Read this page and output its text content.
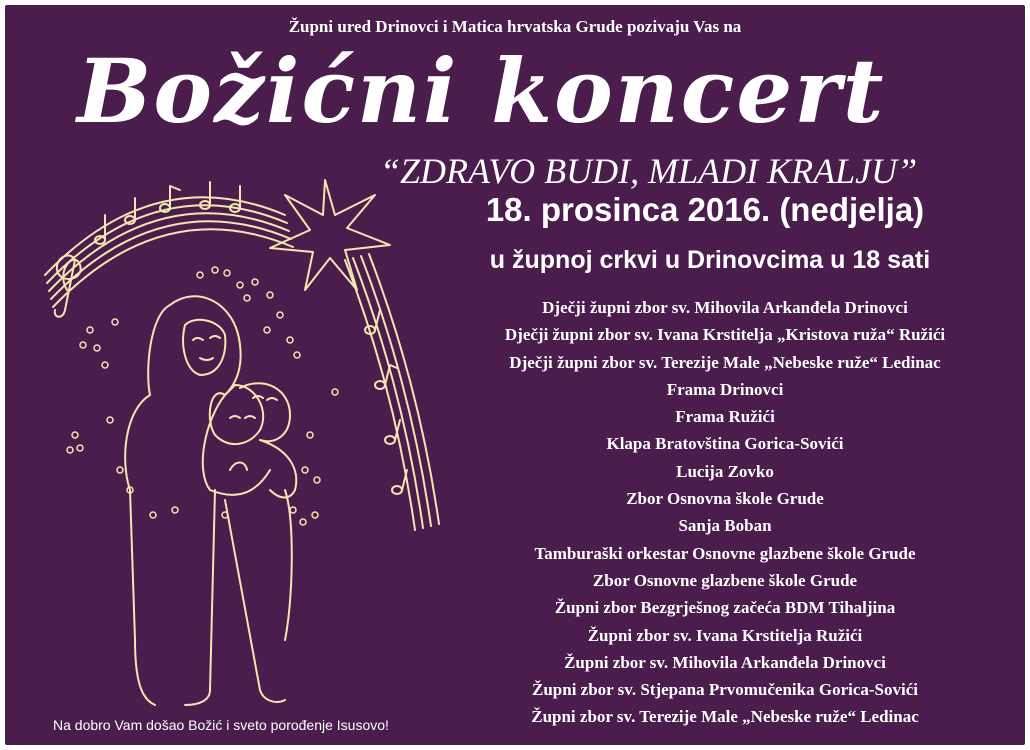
Župni ured Drinovci i Matica hrvatska Grude pozivaju Vas na
Božićni koncert
“ZDRAVO BUDI, MLADI KRALJU”
18. prosinca 2016. (nedjelja)
u župnoj crkvi u Drinovcima u 18 sati
Dječji župni zbor sv. Mihovila Arkanđela Drinovci
Dječji župni zbor sv. Ivana Krstitelja „Kristova ruža“ Ružići
Dječji župni zbor sv. Terezije Male „Nebeske ruže“ Ledinac
Frama Drinovci
Frama Ružići
Klapa Bratovština Gorica-Sovići
Lucija Zovko
Zbor Osnovna škole Grude
Sanja Boban
Tamburaški orkestar Osnovne glazbene škole Grude
Zbor Osnovne glazbene škole Grude
Župni zbor Bezgrješnog začeća BDM Tihaljina
Župni zbor sv. Ivana Krstitelja Ružići
Župni zbor sv. Mihovila Arkanđela Drinovci
Župni zbor sv. Stjepana Prvomučenika Gorica-Sovići
Župni zbor sv. Terezije Male „Nebeske ruže“ Ledinac
Na dobro Vam došao Božić i sveto porođenje Isusovo!
